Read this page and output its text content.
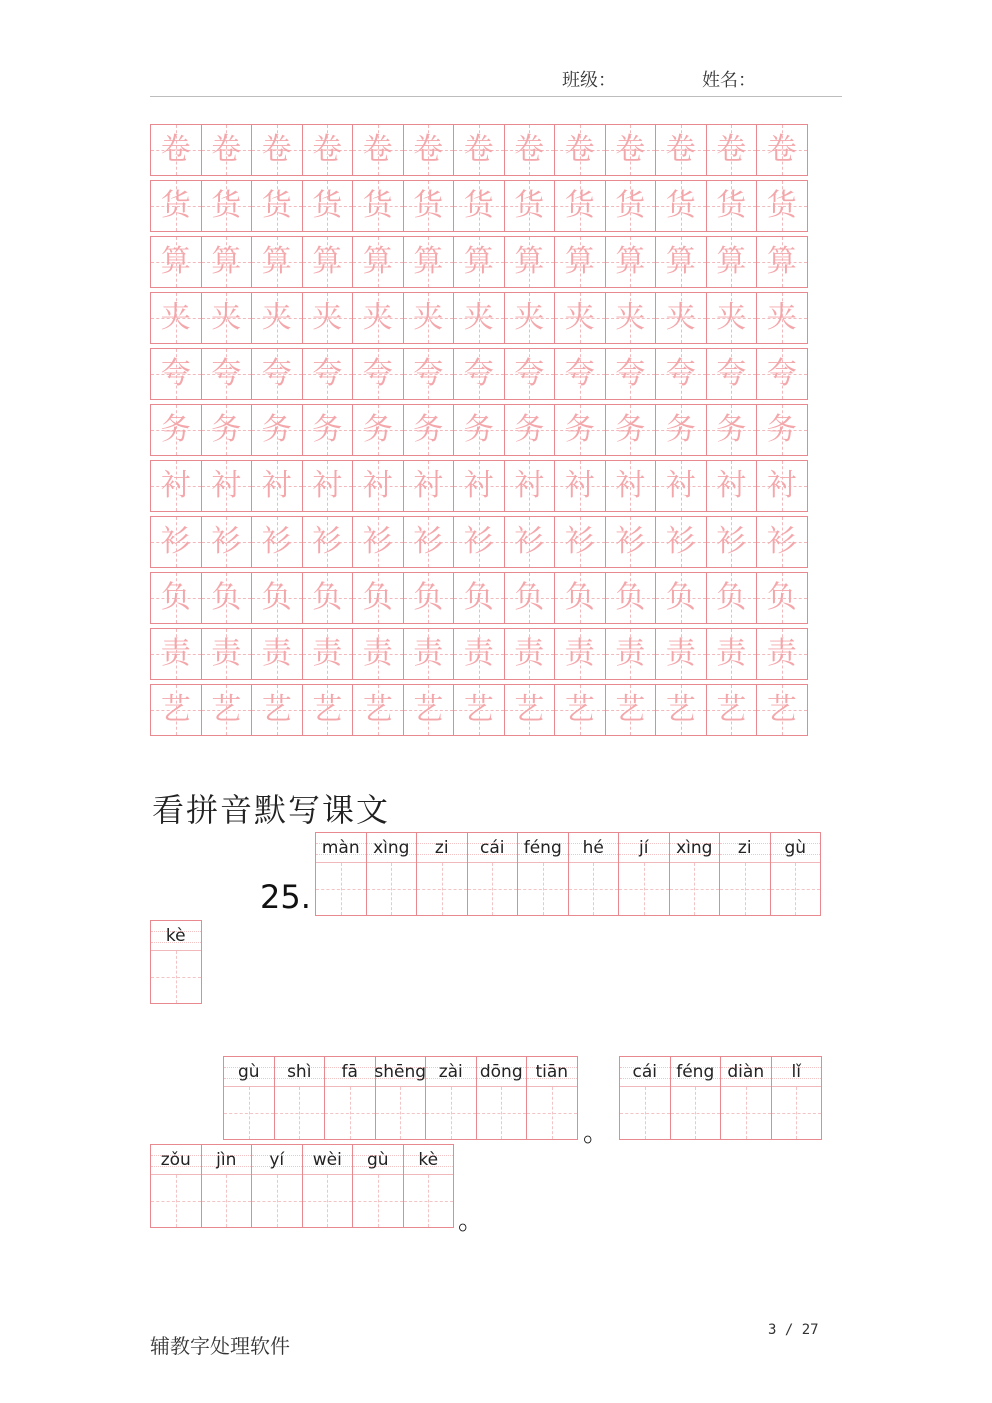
班级：	姓名：
卷 卷 卷 卷 卷 卷 卷 卷 卷 卷 卷 卷 卷
货 货 货 货 货 货 货 货 货 货 货 货 货
算 算 算 算 算 算 算 算 算 算 算 算 算
夹 夹 夹 夹 夹 夹 夹 夹 夹 夹 夹 夹 夹
夸 夸 夸 夸 夸 夸 夸 夸 夸 夸 夸 夸 夸
务 务 务 务 务 务 务 务 务 务 务 务 务
衬 衬 衬 衬 衬 衬 衬 衬 衬 衬 衬 衬 衬
衫 衫 衫 衫 衫 衫 衫 衫 衫 衫 衫 衫 衫
负 负 负 负 负 负 负 负 负 负 负 负 负
责 责 责 责 责 责 责 责 责 责 责 责 责
艺 艺 艺 艺 艺 艺 艺 艺 艺 艺 艺 艺 艺
看拼音默写课文
25.
màn xìng zi cái féng hé jí xìng zi gù
kè
gù shì fā shēng zài dōng tiān
。
cái féng diàn lǐ
zǒu jìn yí wèi gù kè
。
辅教字处理软件
3 / 27
